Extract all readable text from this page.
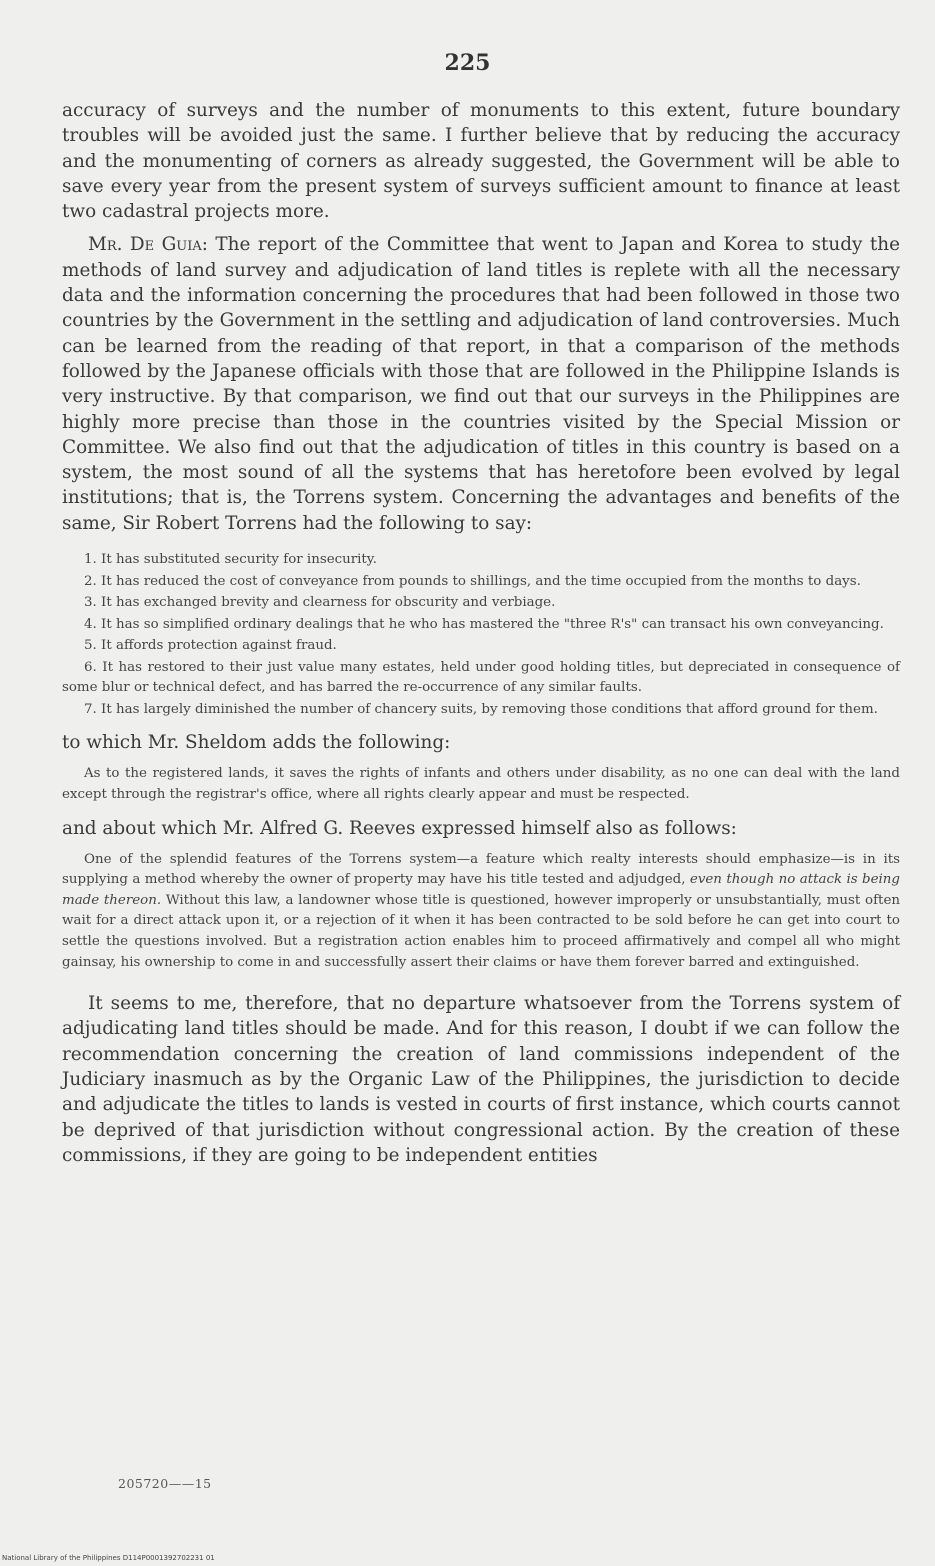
225

accuracy of surveys and the number of monuments to this extent, future boundary troubles will be avoided just the same. I further believe that by reducing the accuracy and the monumenting of corners as already suggested, the Government will be able to save every year from the present system of surveys sufficient amount to finance at least two cadastral projects more.

Mr. De Guia: The report of the Committee that went to Japan and Korea to study the methods of land survey and adjudication of land titles is replete with all the necessary data and the information concerning the procedures that had been followed in those two countries by the Government in the settling and adjudication of land controversies. Much can be learned from the reading of that report, in that a comparison of the methods followed by the Japanese officials with those that are followed in the Philippine Islands is very instructive. By that comparison, we find out that our surveys in the Philippines are highly more precise than those in the countries visited by the Special Mission or Committee. We also find out that the adjudication of titles in this country is based on a system, the most sound of all the systems that has heretofore been evolved by legal institutions; that is, the Torrens system. Concerning the advantages and benefits of the same, Sir Robert Torrens had the following to say:

1. It has substituted security for insecurity.
2. It has reduced the cost of conveyance from pounds to shillings, and the time occupied from the months to days.
3. It has exchanged brevity and clearness for obscurity and verbiage.
4. It has so simplified ordinary dealings that he who has mastered the "three R's" can transact his own conveyancing.
5. It affords protection against fraud.
6. It has restored to their just value many estates, held under good holding titles, but depreciated in consequence of some blur or technical defect, and has barred the re-occurrence of any similar faults.
7. It has largely diminished the number of chancery suits, by removing those conditions that afford ground for them.

to which Mr. Sheldom adds the following:

As to the registered lands, it saves the rights of infants and others under disability, as no one can deal with the land except through the registrar's office, where all rights clearly appear and must be respected.

and about which Mr. Alfred G. Reeves expressed himself also as follows:

One of the splendid features of the Torrens system—a feature which realty interests should emphasize—is in its supplying a method whereby the owner of property may have his title tested and adjudged, even though no attack is being made thereon. Without this law, a landowner whose title is questioned, however improperly or unsubstantially, must often wait for a direct attack upon it, or a rejection of it when it has been contracted to be sold before he can get into court to settle the questions involved. But a registration action enables him to proceed affirmatively and compel all who might gainsay, his ownership to come in and successfully assert their claims or have them forever barred and extinguished.

It seems to me, therefore, that no departure whatsoever from the Torrens system of adjudicating land titles should be made. And for this reason, I doubt if we can follow the recommendation concerning the creation of land commissions independent of the Judiciary inasmuch as by the Organic Law of the Philippines, the jurisdiction to decide and adjudicate the titles to lands is vested in courts of first instance, which courts cannot be deprived of that jurisdiction without congressional action. By the creation of these commissions, if they are going to be independent entities

205720——15
National Library of the Philippines D114P0001392702231 01
